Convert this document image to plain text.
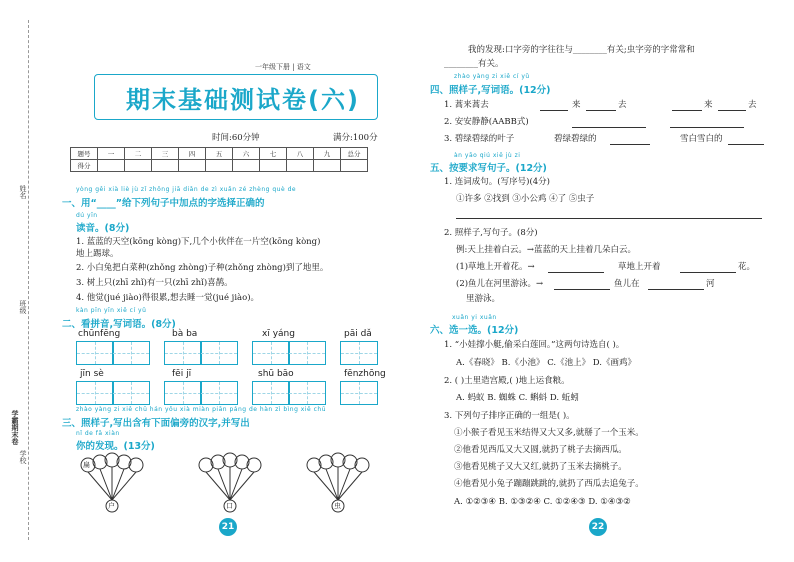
姓名
班级
学校
学霸期末卷
一年级下册 | 语文
期末基础测试卷(六)
时间:60分钟	满分:100分
题号	一	二	三	四	五	六	七	八	九	总分
得分										
yòng gěi xià liè jù zǐ zhōng jiā diǎn de zì xuǎn zé zhèng què de
一、用“____”给下列句子中加点的字选择正确的
dú yīn
读音。(8分)
1. 蓝蓝的天空(kōng kòng)下,几个小伙伴在一片空(kōng kòng)
地上踢球。
2. 小白兔把白菜种(zhǒng zhòng)子种(zhǒng zhòng)到了地里。
3. 树上只(zhī zhǐ)有一只(zhī zhǐ)喜鹊。
4. 他觉(jué jiào)得很累,想去睡一觉(jué jiào)。
kàn pīn yīn xiě cí yǔ
二、看拼音,写词语。(8分)
chūnfēng	bà ba	xī yáng	pāi dǎ
jīn sè	fēi jī	shū bāo	fēnzhōng
zhào yàng zi xiě chū hán yǒu xià miàn piān páng de hàn zì bìng xiě chū
三、照样子,写出含有下面偏旁的汉字,并写出
nǐ de fā xiàn
你的发现。(13分)
扁
户	口	虫
21
我的发现:口字旁的字往往与________有关;虫字旁的字常常和
________有关。
zhào yàng zi xiě cí yǔ
四、照样子,写词语。(12分)
1. 蒿来蒿去	来	去	来	去
2. 安安静静(AABB式)
3. 碧绿碧绿的叶子	碧绿碧绿的	雪白雪白的
àn yāo qiú xiě jù zi
五、按要求写句子。(12分)
1. 连词成句。(写序号)(4分)
①许多 ②找到 ③小公鸡 ④了 ⑤虫子
2. 照样子,写句子。(8分)
例:天上挂着白云。→蓝蓝的天上挂着几朵白云。
(1)草地上开着花。→	草地上开着	花。
(2)鱼儿在河里游泳。→	鱼儿在	河
里游泳。
xuǎn yi xuǎn
六、选一选。(12分)
1. “小娃撑小艇,偷采白莲回。”这两句诗选自( )。
A.《春晓》 B.《小池》 C.《池上》 D.《画鸡》
2. ( )土里造宫殿,( )地上运食粮。
A. 蚂蚁 B. 蜘蛛 C. 蝌蚪 D. 蚯蚓
3. 下列句子排序正确的一组是( )。
①小猴子看见玉米结得又大又多,就掰了一个玉米。
②他看见西瓜又大又圆,就扔了桃子去摘西瓜。
③他看见桃子又大又红,就扔了玉米去摘桃子。
④他看见小兔子蹦蹦跳跳的,就扔了西瓜去追兔子。
A. ①②③④ B. ①③②④ C. ①②④③ D. ①④③②
22
